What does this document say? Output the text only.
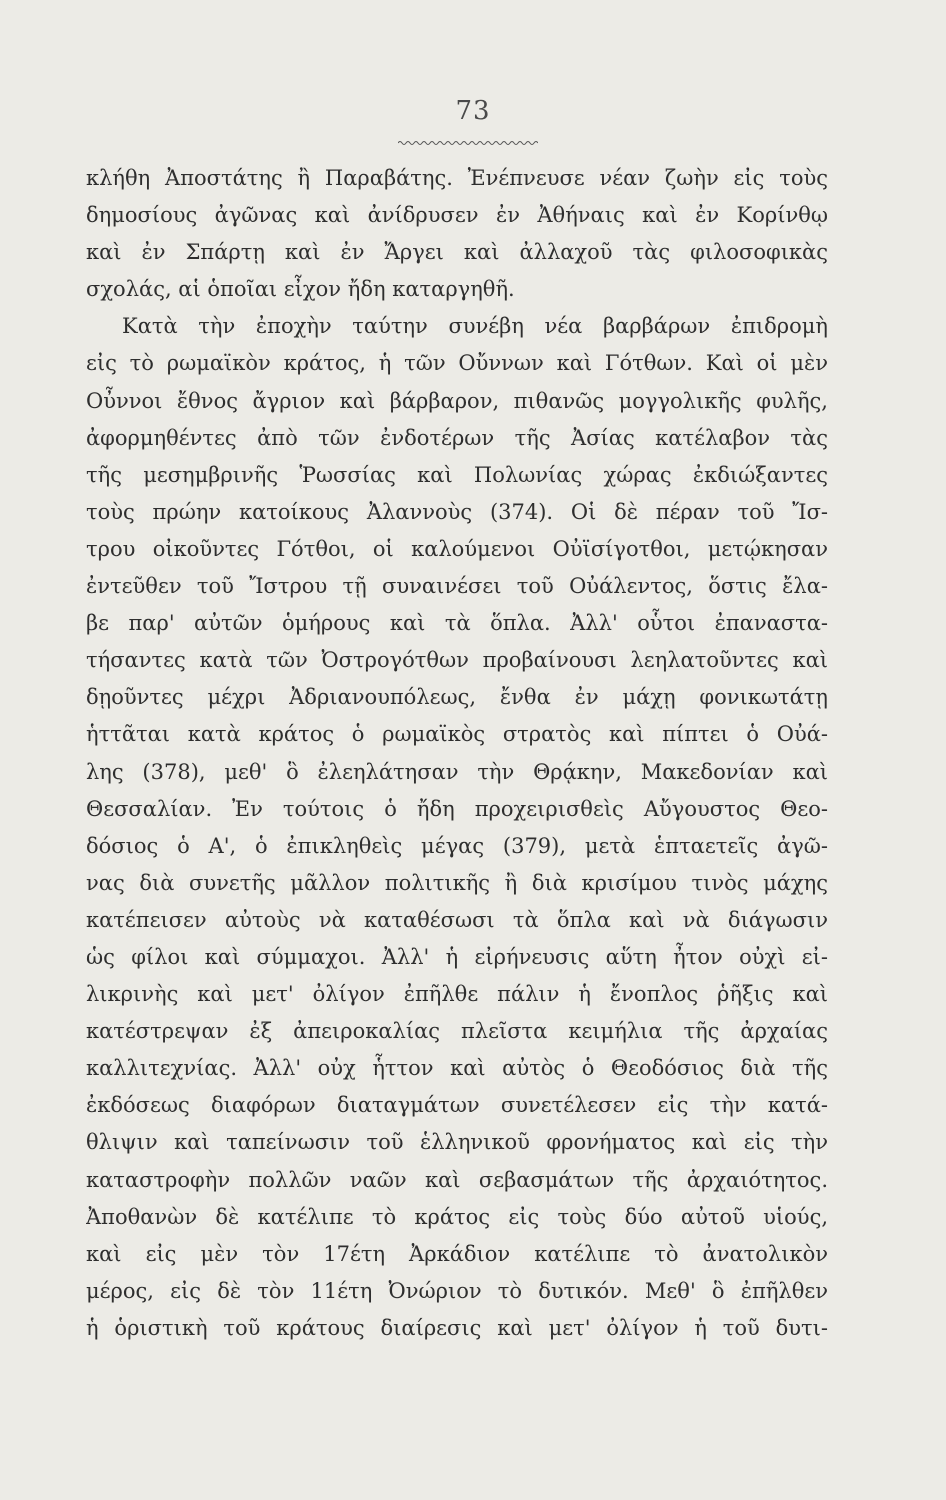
73
κλήθη Ἀποστάτης ἢ Παραβάτης. Ἐνέπνευσε νέαν ζωὴν εἰς τοὺς
δημοσίους ἀγῶνας καὶ ἀνίδρυσεν ἐν Ἀθήναις καὶ ἐν Κορίνθῳ
καὶ ἐν Σπάρτῃ καὶ ἐν Ἄργει καὶ ἀλλαχοῦ τὰς φιλοσοφικὰς
σχολάς, αἱ ὁποῖαι εἶχον ἤδη καταργηθῆ.
Κατὰ τὴν ἐποχὴν ταύτην συνέβη νέα βαρβάρων ἐπιδρομὴ
εἰς τὸ ρωμαϊκὸν κράτος, ἡ τῶν Οὔννων καὶ Γότθων. Καὶ οἱ μὲν
Οὖννοι ἔθνος ἄγριον καὶ βάρβαρον, πιθανῶς μογγολικῆς φυλῆς,
ἀφορμηθέντες ἀπὸ τῶν ἐνδοτέρων τῆς Ἀσίας κατέλαβον τὰς
τῆς μεσημβρινῆς Ῥωσσίας καὶ Πολωνίας χώρας ἐκδιώξαντες
τοὺς πρώην κατοίκους Ἀλαννοὺς (374). Οἱ δὲ πέραν τοῦ Ἴσ-
τρου οἰκοῦντες Γότθοι, οἱ καλούμενοι Οὐϊσίγοτθοι, μετῴκησαν
ἐντεῦθεν τοῦ Ἴστρου τῇ συναινέσει τοῦ Οὐάλεντος, ὅστις ἔλα-
βε παρ' αὐτῶν ὁμήρους καὶ τὰ ὅπλα. Ἀλλ' οὗτοι ἐπαναστα-
τήσαντες κατὰ τῶν Ὀστρογότθων προβαίνουσι λεηλατοῦντες καὶ
δῃοῦντες μέχρι Ἀδριανουπόλεως, ἔνθα ἐν μάχῃ φονικωτάτῃ
ἡττᾶται κατὰ κράτος ὁ ρωμαϊκὸς στρατὸς καὶ πίπτει ὁ Οὐά-
λης (378), μεθ' ὃ ἐλεηλάτησαν τὴν Θρᾴκην, Μακεδονίαν καὶ
Θεσσαλίαν. Ἐν τούτοις ὁ ἤδη προχειρισθεὶς Αὔγουστος Θεο-
δόσιος ὁ Α', ὁ ἐπικληθεὶς μέγας (379), μετὰ ἑπταετεῖς ἀγῶ-
νας διὰ συνετῆς μᾶλλον πολιτικῆς ἢ διὰ κρισίμου τινὸς μάχης
κατέπεισεν αὐτοὺς νὰ καταθέσωσι τὰ ὅπλα καὶ νὰ διάγωσιν
ὡς φίλοι καὶ σύμμαχοι. Ἀλλ' ἡ εἰρήνευσις αὕτη ἦτον οὐχὶ εἰ-
λικρινὴς καὶ μετ' ὀλίγον ἐπῆλθε πάλιν ἡ ἔνοπλος ῥῆξις καὶ
κατέστρεψαν ἐξ ἀπειροκαλίας πλεῖστα κειμήλια τῆς ἀρχαίας
καλλιτεχνίας. Ἀλλ' οὐχ ἧττον καὶ αὐτὸς ὁ Θεοδόσιος διὰ τῆς
ἐκδόσεως διαφόρων διαταγμάτων συνετέλεσεν εἰς τὴν κατά-
θλιψιν καὶ ταπείνωσιν τοῦ ἑλληνικοῦ φρονήματος καὶ εἰς τὴν
καταστροφὴν πολλῶν ναῶν καὶ σεβασμάτων τῆς ἀρχαιότητος.
Ἀποθανὼν δὲ κατέλιπε τὸ κράτος εἰς τοὺς δύο αὐτοῦ υἱούς,
καὶ εἰς μὲν τὸν 17έτη Ἀρκάδιον κατέλιπε τὸ ἀνατολικὸν
μέρος, εἰς δὲ τὸν 11έτη Ὀνώριον τὸ δυτικόν. Μεθ' ὃ ἐπῆλθεν
ἡ ὁριστικὴ τοῦ κράτους διαίρεσις καὶ μετ' ὀλίγον ἡ τοῦ δυτι-
